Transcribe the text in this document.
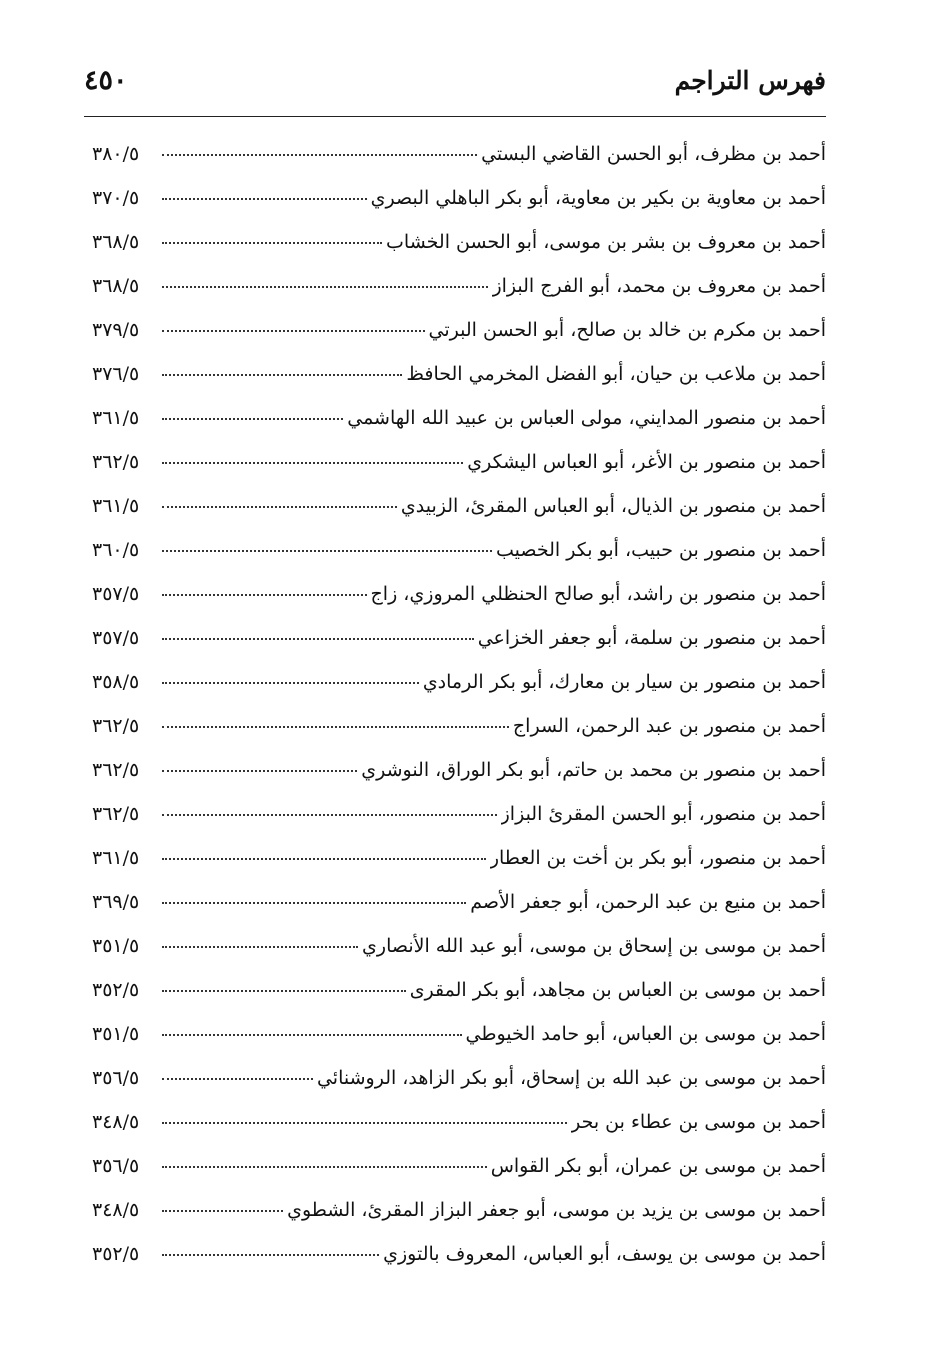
فهرس التراجم
٤٥٠
أحمد بن مظرف، أبو الحسن القاضي البستي
٣٨٠/٥
أحمد بن معاوية بن بكير بن معاوية، أبو بكر الباهلي البصري
٣٧٠/٥
أحمد بن معروف بن بشر بن موسى، أبو الحسن الخشاب
٣٦٨/٥
أحمد بن معروف بن محمد، أبو الفرج البزاز
٣٦٨/٥
أحمد بن مكرم بن خالد بن صالح، أبو الحسن البرتي
٣٧٩/٥
أحمد بن ملاعب بن حيان، أبو الفضل المخرمي الحافظ
٣٧٦/٥
أحمد بن منصور المدايني، مولى العباس بن عبيد الله الهاشمي
٣٦١/٥
أحمد بن منصور بن الأغر، أبو العباس اليشكري
٣٦٢/٥
أحمد بن منصور بن الذيال، أبو العباس المقرئ، الزبيدي
٣٦١/٥
أحمد بن منصور بن حبيب، أبو بكر الخصيب
٣٦٠/٥
أحمد بن منصور بن راشد، أبو صالح الحنظلي المروزي، زاج
٣٥٧/٥
أحمد بن منصور بن سلمة، أبو جعفر الخزاعي
٣٥٧/٥
أحمد بن منصور بن سيار بن معارك، أبو بكر الرمادي
٣٥٨/٥
أحمد بن منصور بن عبد الرحمن، السراج
٣٦٢/٥
أحمد بن منصور بن محمد بن حاتم، أبو بكر الوراق، النوشري
٣٦٢/٥
أحمد بن منصور، أبو الحسن المقرئ البزاز
٣٦٢/٥
أحمد بن منصور، أبو بكر بن أخت بن العطار
٣٦١/٥
أحمد بن منيع بن عبد الرحمن، أبو جعفر الأصم
٣٦٩/٥
أحمد بن موسى بن إسحاق بن موسى، أبو عبد الله الأنصاري
٣٥١/٥
أحمد بن موسى بن العباس بن مجاهد، أبو بكر المقرى
٣٥٢/٥
أحمد بن موسى بن العباس، أبو حامد الخيوطي
٣٥١/٥
أحمد بن موسى بن عبد الله بن إسحاق، أبو بكر الزاهد، الروشنائي
٣٥٦/٥
أحمد بن موسى بن عطاء بن بحر
٣٤٨/٥
أحمد بن موسى بن عمران، أبو بكر القواس
٣٥٦/٥
أحمد بن موسى بن يزيد بن موسى، أبو جعفر البزاز المقرئ، الشطوي
٣٤٨/٥
أحمد بن موسى بن يوسف، أبو العباس، المعروف بالتوزي
٣٥٢/٥
